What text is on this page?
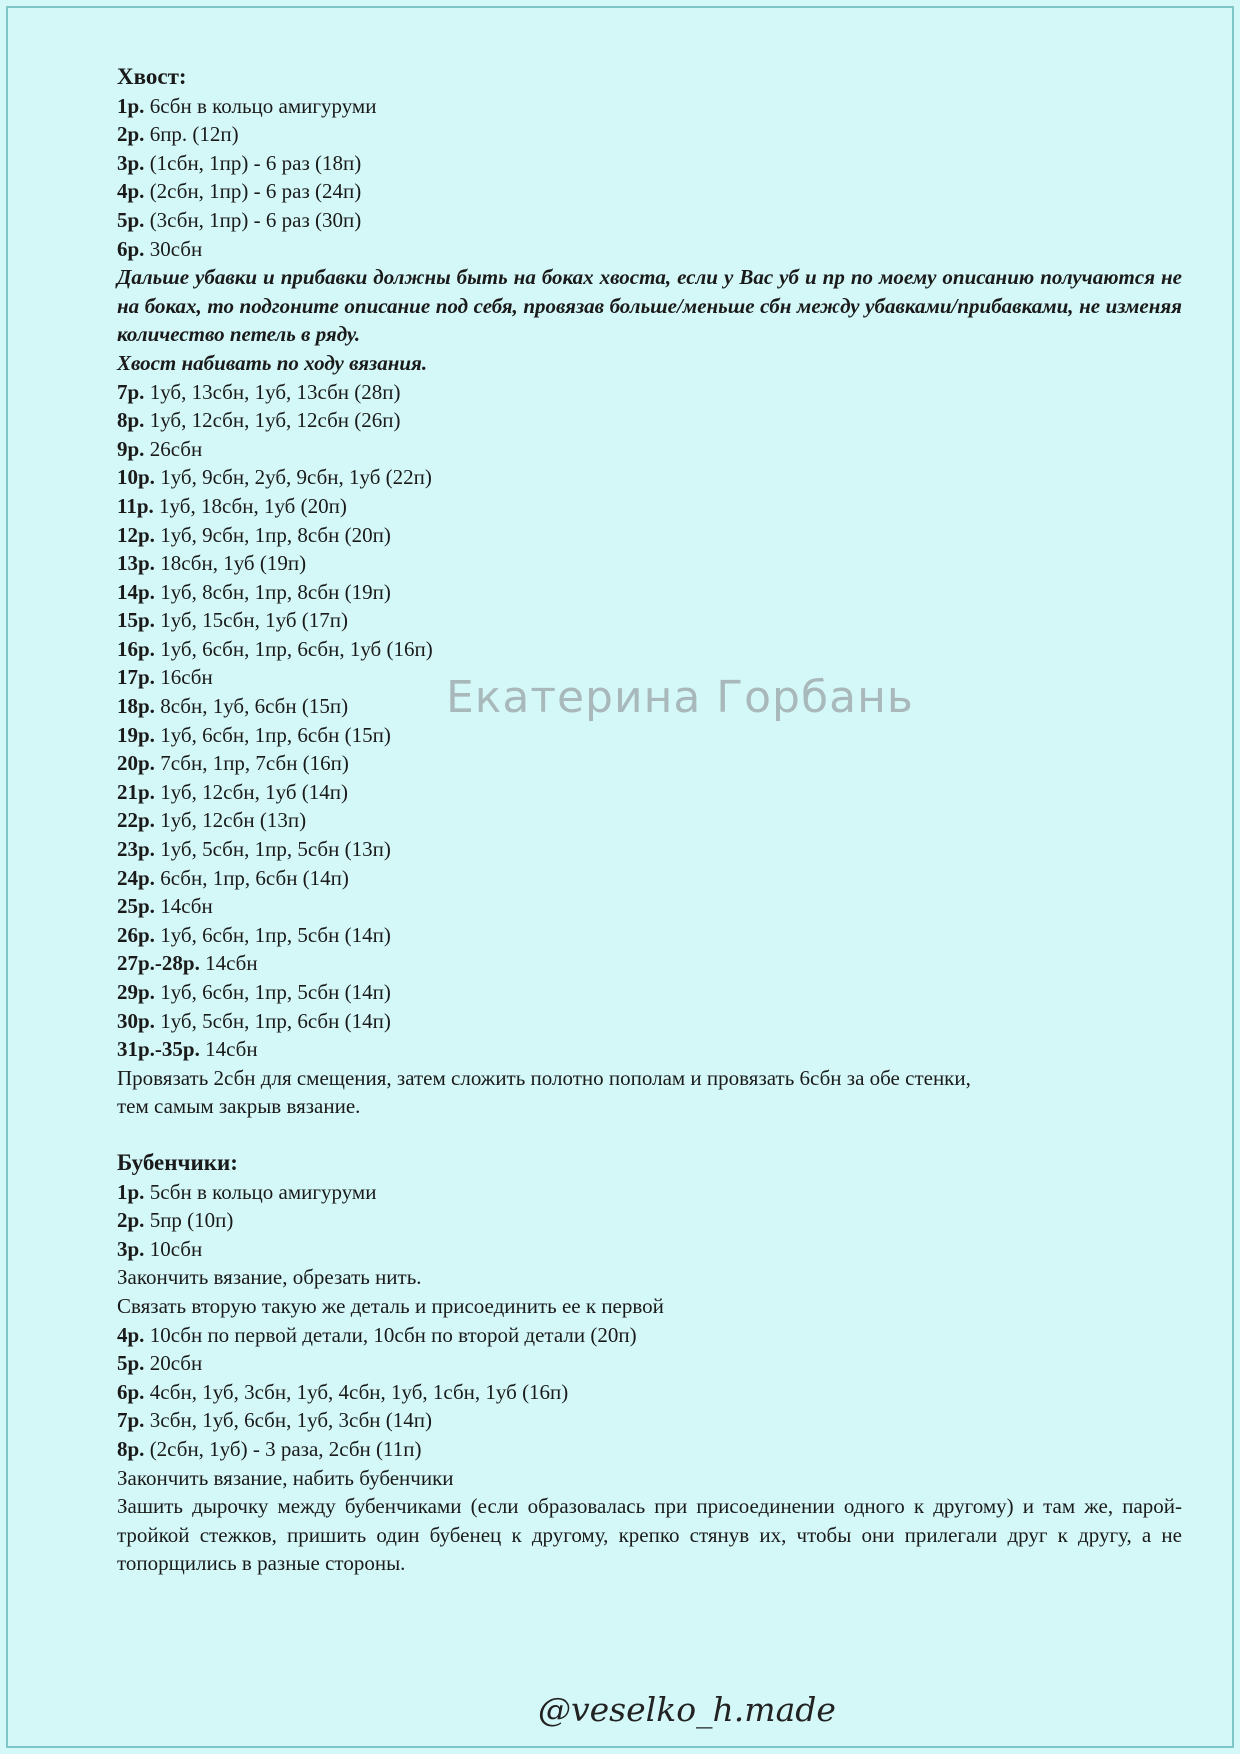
Хвост:
1р. 6сбн в кольцо амигуруми
2р. 6пр. (12п)
3р. (1сбн, 1пр) - 6 раз (18п)
4р. (2сбн, 1пр) - 6 раз (24п)
5р. (3сбн, 1пр) - 6 раз (30п)
6р. 30сбн
Дальше убавки и прибавки должны быть на боках хвоста, если у Вас уб и пр по моему описанию получаются не на боках, то подгоните описание под себя, провязав больше/меньше сбн между убавками/прибавками, не изменяя количество петель в ряду.
Хвост набивать по ходу вязания.
7р. 1уб, 13сбн, 1уб, 13сбн (28п)
8р. 1уб, 12сбн, 1уб, 12сбн (26п)
9р. 26сбн
10р. 1уб, 9сбн, 2уб, 9сбн, 1уб (22п)
11р. 1уб, 18сбн, 1уб (20п)
12р. 1уб, 9сбн, 1пр, 8сбн (20п)
13р. 18сбн, 1уб (19п)
14р. 1уб, 8сбн, 1пр, 8сбн (19п)
15р. 1уб, 15сбн, 1уб (17п)
16р. 1уб, 6сбн, 1пр, 6сбн, 1уб (16п)
17р. 16сбн
18р. 8сбн, 1уб, 6сбн (15п)
19р. 1уб, 6сбн, 1пр, 6сбн (15п)
20р. 7сбн, 1пр, 7сбн (16п)
21р. 1уб, 12сбн, 1уб (14п)
22р. 1уб, 12сбн (13п)
23р. 1уб, 5сбн, 1пр, 5сбн (13п)
24р. 6сбн, 1пр, 6сбн (14п)
25р. 14сбн
26р. 1уб, 6сбн, 1пр, 5сбн (14п)
27р.-28р. 14сбн
29р. 1уб, 6сбн, 1пр, 5сбн (14п)
30р. 1уб, 5сбн, 1пр, 6сбн (14п)
31р.-35р. 14сбн
Провязать 2сбн для смещения, затем сложить полотно пополам и провязать 6сбн за обе стенки,
тем самым закрыв вязание.
Бубенчики:
1р. 5сбн в кольцо амигуруми
2р. 5пр (10п)
3р. 10сбн
Закончить вязание, обрезать нить.
Связать вторую такую же деталь и присоединить ее к первой
4р. 10сбн по первой детали, 10сбн по второй детали (20п)
5р. 20сбн
6р. 4сбн, 1уб, 3сбн, 1уб, 4сбн, 1уб, 1сбн, 1уб (16п)
7р. 3сбн, 1уб, 6сбн, 1уб, 3сбн (14п)
8р. (2сбн, 1уб) - 3 раза, 2сбн (11п)
Закончить вязание, набить бубенчики
Зашить дырочку между бубенчиками (если образовалась при присоединении одного к другому) и там же, парой-тройкой стежков, пришить один бубенец к другому, крепко стянув их, чтобы они прилегали друг к другу, а не топорщились в разные стороны.
Екатерина Горбань
@veselko_h.made
